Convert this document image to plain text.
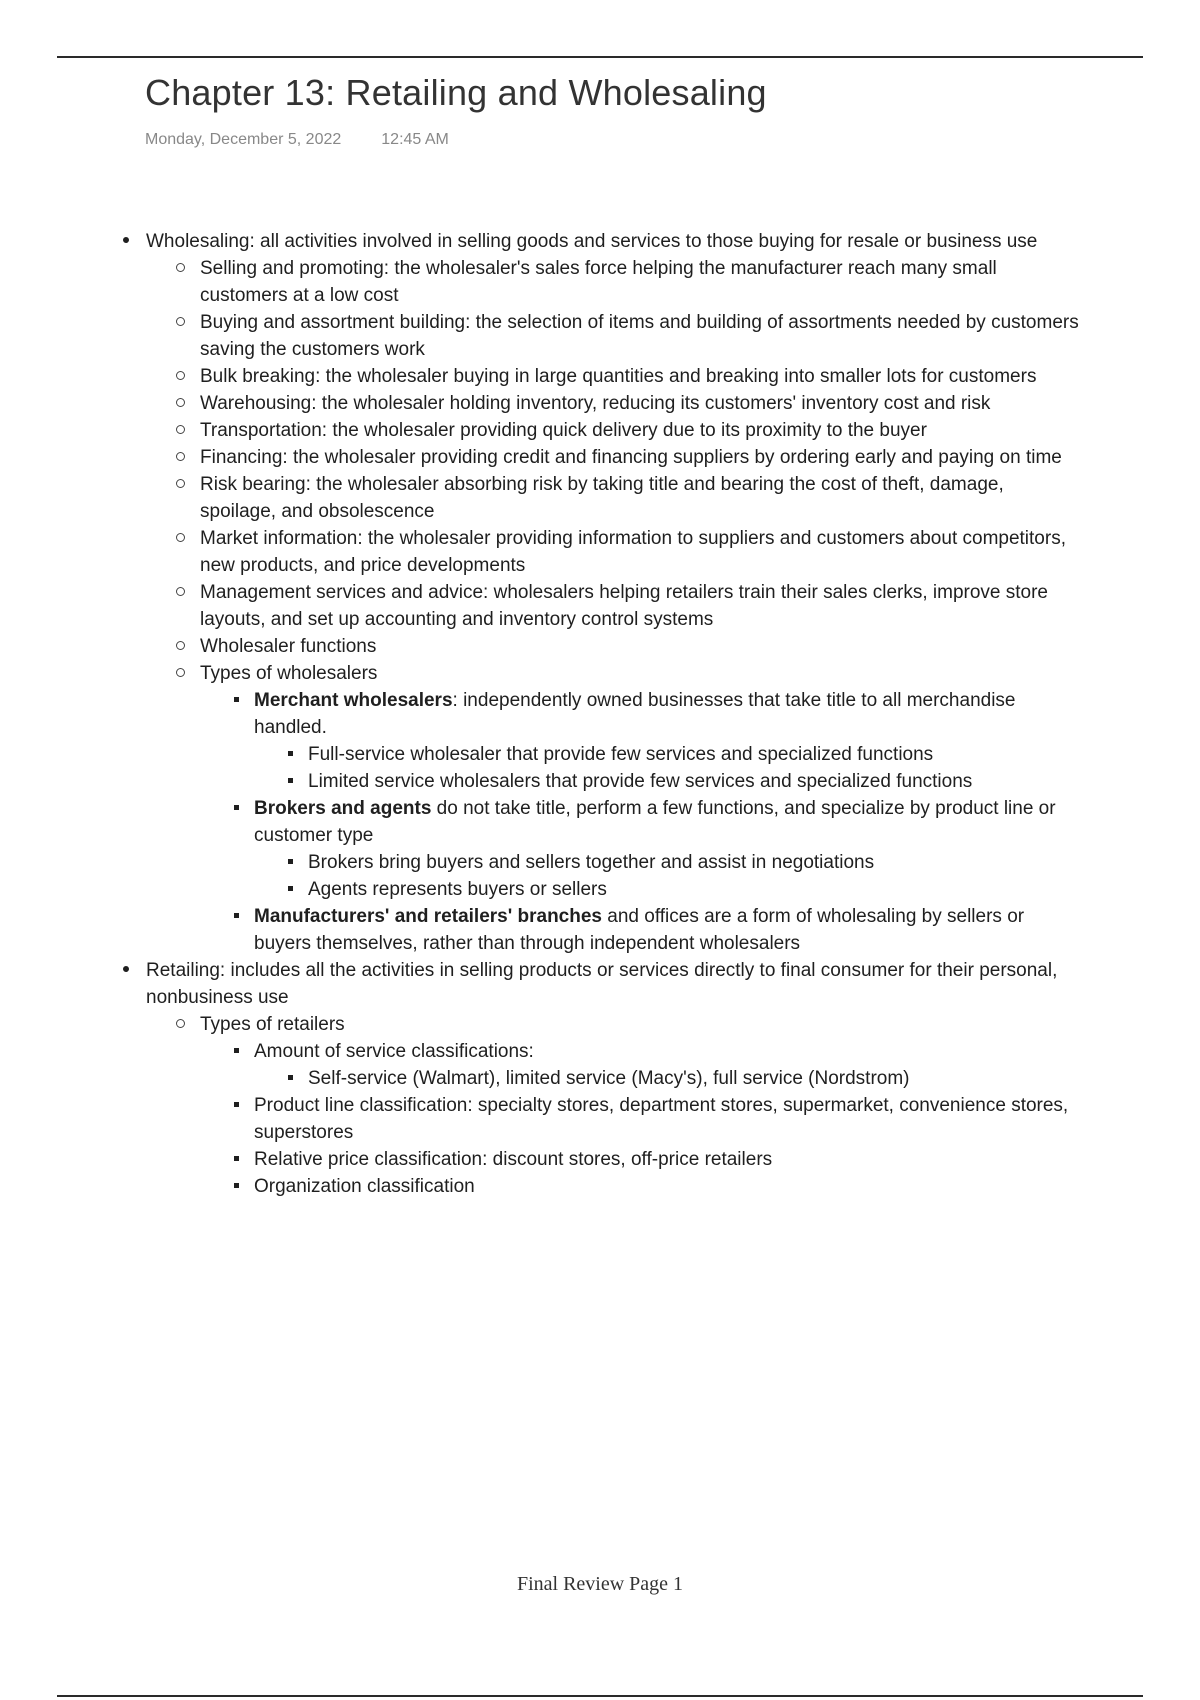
Chapter 13: Retailing and Wholesaling
Monday, December 5, 2022	12:45 AM
Wholesaling: all activities involved in selling goods and services to those buying for resale or business use
Selling and promoting: the wholesaler's sales force helping the manufacturer reach many small customers at a low cost
Buying and assortment building: the selection of items and building of assortments needed by customers saving the customers work
Bulk breaking: the wholesaler buying in large quantities and breaking into smaller lots for customers
Warehousing: the wholesaler holding inventory, reducing its customers' inventory cost and risk
Transportation: the wholesaler providing quick delivery due to its proximity to the buyer
Financing: the wholesaler providing credit and financing suppliers by ordering early and paying on time
Risk bearing: the wholesaler absorbing risk by taking title and bearing the cost of theft, damage, spoilage, and obsolescence
Market information: the wholesaler providing information to suppliers and customers about competitors, new products, and price developments
Management services and advice: wholesalers helping retailers train their sales clerks, improve store layouts, and set up accounting and inventory control systems
Wholesaler functions
Types of wholesalers
Merchant wholesalers: independently owned businesses that take title to all merchandise handled.
Full-service wholesaler that provide few services and specialized functions
Limited service wholesalers that provide few services and specialized functions
Brokers and agents do not take title, perform a few functions, and specialize by product line or customer type
Brokers bring buyers and sellers together and assist in negotiations
Agents represents buyers or sellers
Manufacturers' and retailers' branches and offices are a form of wholesaling by sellers or buyers themselves, rather than through independent wholesalers
Retailing: includes all the activities in selling products or services directly to final consumer for their personal, nonbusiness use
Types of retailers
Amount of service classifications:
Self-service (Walmart), limited service (Macy's), full service (Nordstrom)
Product line classification: specialty stores, department stores, supermarket, convenience stores, superstores
Relative price classification: discount stores, off-price retailers
Organization classification
Final Review Page 1
